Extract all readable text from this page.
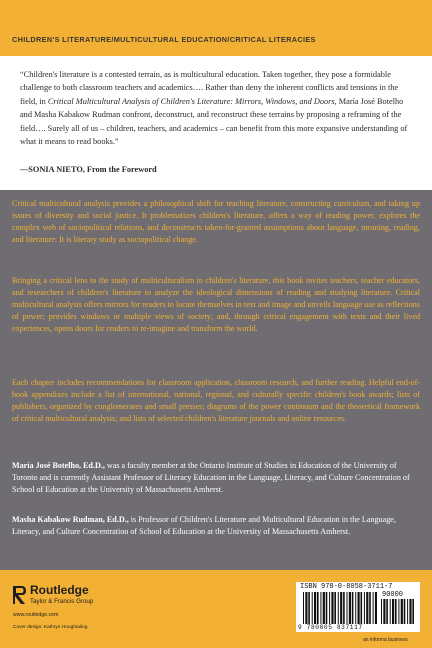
CHILDREN'S LITERATURE/MULTICULTURAL EDUCATION/CRITICAL LITERACIES
“Children's literature is a contested terrain, as is multicultural education. Taken together, they pose a formidable challenge to both classroom teachers and academics…. Rather than deny the inherent conflicts and tensions in the field, in Critical Multicultural Analysis of Children's Literature: Mirrors, Windows, and Doors, María José Botelho and Masha Kabakow Rudman confront, deconstruct, and reconstruct these terrains by proposing a reframing of the field…. Surely all of us – children, teachers, and academics – can benefit from this more expansive understanding of what it means to read books.”
—SONIA NIETO, From the Foreword
Critical multicultural analysis provides a philosophical shift for teaching literature, constructing curriculum, and taking up issues of diversity and social justice. It problematizes children's literature, offers a way of reading power, explores the complex web of sociopolitical relations, and deconstructs taken-for-granted assumptions about language, meaning, reading, and literature: It is literary study as sociopolitical change.
Bringing a critical lens to the study of multiculturalism in children's literature, this book invites teachers, teacher educators, and researchers of children's literature to analyze the ideological dimensions of reading and studying literature. Critical multicultural analysis offers mirrors for readers to locate themselves in text and image and unveils language use as reflections of power; provides windows or multiple views of society; and, through critical engagement with texts and their lived experiences, opens doors for readers to re-imagine and transform the world.
Each chapter includes recommendations for classroom application, classroom research, and further reading. Helpful end-of-book appendixes include a list of international, national, regional, and culturally specific children's book awards; lists of publishers, organized by conglomerates and small presses; diagrams of the power continuum and the theoretical framework of critical multicultural analysis; and lists of selected children's literature journals and online resources.
María José Botelho, Ed.D., was a faculty member at the Ontario Institute of Studies in Education of the University of Toronto and is currently Assistant Professor of Literacy Education in the Language, Literacy, and Culture Concentration of School of Education at the University of Massachusetts Amherst.
Masha Kabakow Rudman, Ed.D., is Professor of Children's Literature and Multicultural Education in the Language, Literacy, and Culture Concentration of School of Education at the University of Massachusetts Amherst.
Routledge
Taylor & Francis Group
www.routledge.com
Cover design: Kathryn Houghtaling
ISBN 978-0-8058-3711-7
90000
9 780805 837117
an informa business
